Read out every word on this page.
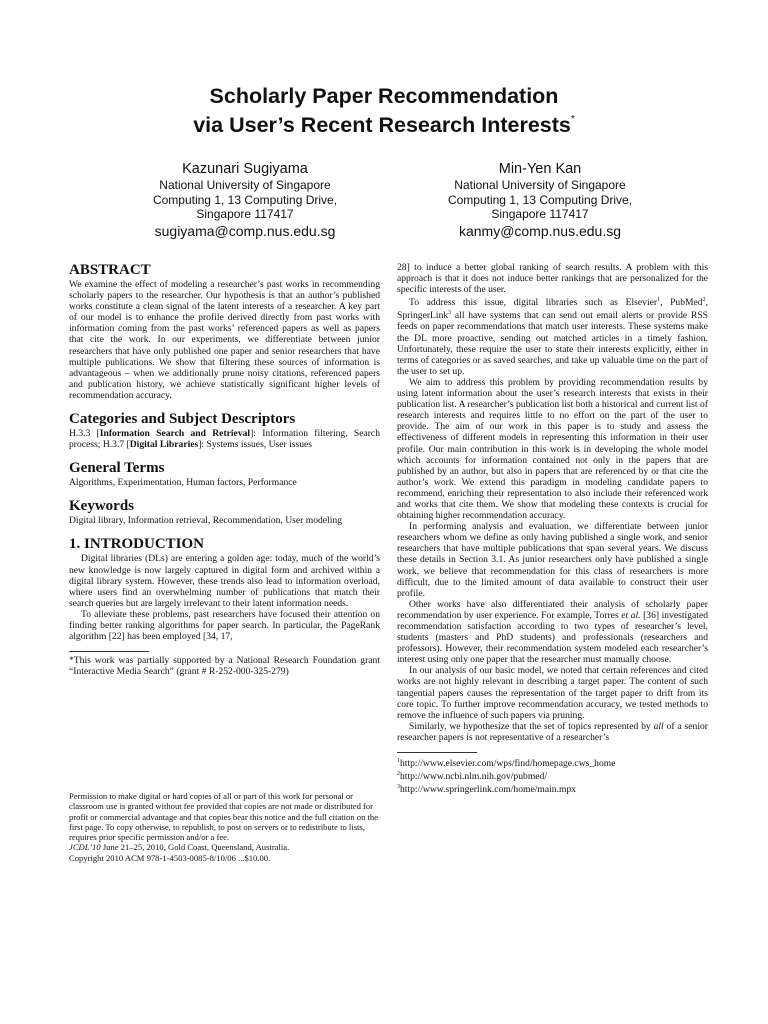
Scholarly Paper Recommendation
via User’s Recent Research Interests*
Kazunari Sugiyama
National University of Singapore
Computing 1, 13 Computing Drive,
Singapore 117417
sugiyama@comp.nus.edu.sg
Min-Yen Kan
National University of Singapore
Computing 1, 13 Computing Drive,
Singapore 117417
kanmy@comp.nus.edu.sg
ABSTRACT

We examine the effect of modeling a researcher’s past works in recommending scholarly papers to the researcher. Our hypothesis is that an author’s published works constitute a clean signal of the latent interests of a researcher. A key part of our model is to enhance the profile derived directly from past works with information coming from the past works’ referenced papers as well as papers that cite the work. In our experiments, we differentiate between junior researchers that have only published one paper and senior researchers that have multiple publications. We show that filtering these sources of information is advantageous – when we additionally prune noisy citations, referenced papers and publication history, we achieve statistically significant higher levels of recommendation accuracy.

Categories and Subject Descriptors

H.3.3 [Information Search and Retrieval]: Information filtering, Search process; H.3.7 [Digital Libraries]: Systems issues, User issues

General Terms

Algorithms, Experimentation, Human factors, Performance

Keywords

Digital library, Information retrieval, Recommendation, User modeling

1. INTRODUCTION

Digital libraries (DLs) are entering a golden age: today, much of the world’s new knowledge is now largely captured in digital form and archived within a digital library system. However, these trends also lead to information overload, where users find an overwhelming number of publications that match their search queries but are largely irrelevant to their latent information needs.

To alleviate these problems, past researchers have focused their attention on finding better ranking algorithms for paper search. In particular, the PageRank algorithm [22] has been employed [34, 17,

*This work was partially supported by a National Research Foundation grant “Interactive Media Search” (grant # R-252-000-325-279)

Permission to make digital or hard copies of all or part of this work for personal or classroom use is granted without fee provided that copies are not made or distributed for profit or commercial advantage and that copies bear this notice and the full citation on the first page. To copy otherwise, to republish, to post on servers or to redistribute to lists, requires prior specific permission and/or a fee.

JCDL’10 June 21–25, 2010, Gold Coast, Queensland, Australia.

Copyright 2010 ACM 978-1-4503-0085-8/10/06 ...$10.00.

28] to induce a better global ranking of search results. A problem with this approach is that it does not induce better rankings that are personalized for the specific interests of the user.

To address this issue, digital libraries such as Elsevier$^1$, PubMed$^2$, SpringerLink$^3$ all have systems that can send out email alerts or provide RSS feeds on paper recommendations that match user interests. These systems make the DL more proactive, sending out matched articles in a timely fashion. Unfortunately, these require the user to state their interests explicitly, either in terms of categories or as saved searches, and take up valuable time on the part of the user to set up.

We aim to address this problem by providing recommendation results by using latent information about the user’s research interests that exists in their publication list. A researcher’s publication list both a historical and current list of research interests and requires little to no effort on the part of the user to provide. The aim of our work in this paper is to study and assess the effectiveness of different models in representing this information in their user profile. Our main contribution in this work is in developing the whole model which accounts for information contained not only in the papers that are published by an author, but also in papers that are referenced by or that cite the author’s work. We extend this paradigm in modeling candidate papers to recommend, enriching their representation to also include their referenced work and works that cite them. We show that modeling these contexts is crucial for obtaining higher recommendation accuracy.

In performing analysis and evaluation, we differentiate between junior researchers whom we define as only having published a single work, and senior researchers that have multiple publications that span several years. We discuss these details in Section 3.1. As junior researchers only have published a single work, we believe that recommendation for this class of researchers is more difficult, due to the limited amount of data available to construct their user profile.

Other works have also differentiated their analysis of scholarly paper recommendation by user experience. For example, Torres et al. [36] investigated recommendation satisfaction according to two types of researcher’s level, students (masters and PhD students) and professionals (researchers and professors). However, their recommendation system modeled each researcher’s interest using only one paper that the researcher must manually choose.

In our analysis of our basic model, we noted that certain references and cited works are not highly relevant in describing a target paper. The content of such tangential papers causes the representation of the target paper to drift from its core topic. To further improve recommendation accuracy, we tested methods to remove the influence of such papers via pruning.

Similarly, we hypothesize that the set of topics represented by all of a senior researcher papers is not representative of a researcher’s

$^1$http://www.elsevier.com/wps/find/homepage.cws_home

$^2$http://www.ncbi.nlm.nih.gov/pubmed/

$^3$http://www.springerlink.com/home/main.mpx
